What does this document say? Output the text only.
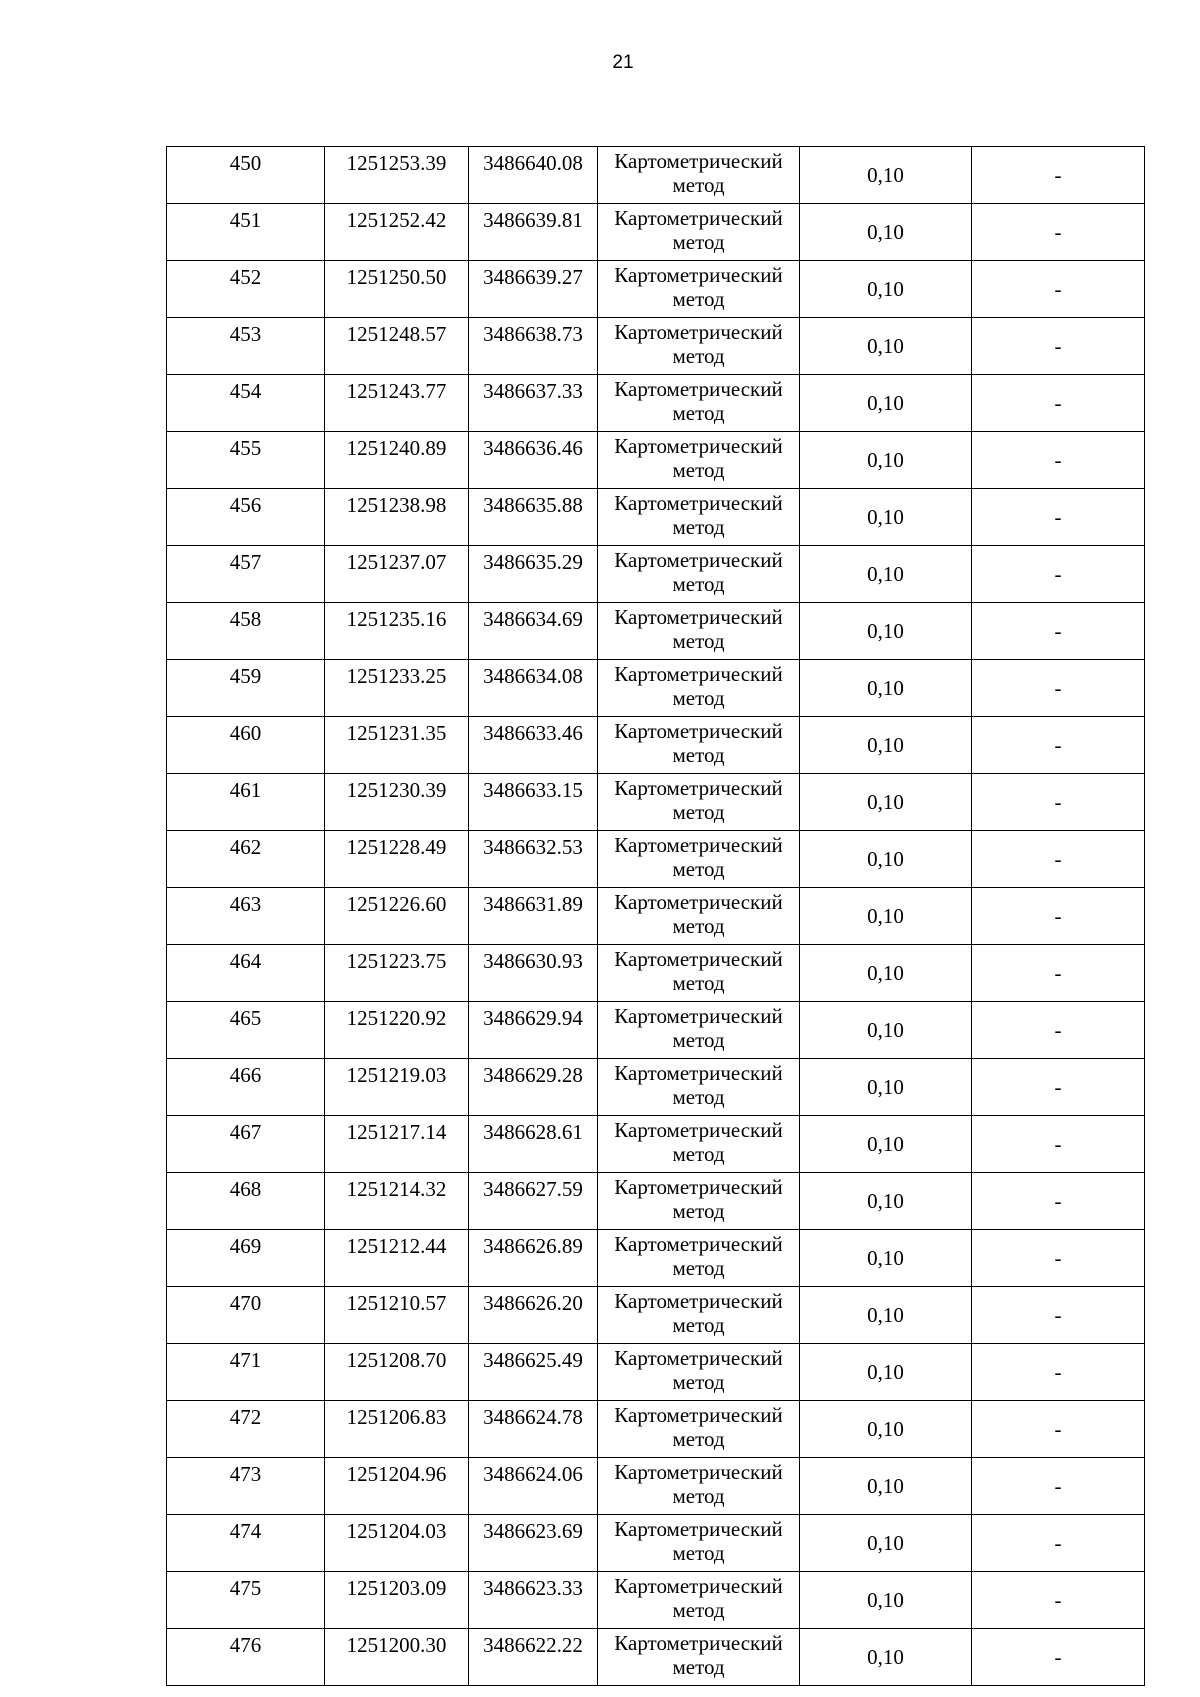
21
450	1251253.39	3486640.08	Картометрический
метод	0,10	-
451	1251252.42	3486639.81	Картометрический
метод	0,10	-
452	1251250.50	3486639.27	Картометрический
метод	0,10	-
453	1251248.57	3486638.73	Картометрический
метод	0,10	-
454	1251243.77	3486637.33	Картометрический
метод	0,10	-
455	1251240.89	3486636.46	Картометрический
метод	0,10	-
456	1251238.98	3486635.88	Картометрический
метод	0,10	-
457	1251237.07	3486635.29	Картометрический
метод	0,10	-
458	1251235.16	3486634.69	Картометрический
метод	0,10	-
459	1251233.25	3486634.08	Картометрический
метод	0,10	-
460	1251231.35	3486633.46	Картометрический
метод	0,10	-
461	1251230.39	3486633.15	Картометрический
метод	0,10	-
462	1251228.49	3486632.53	Картометрический
метод	0,10	-
463	1251226.60	3486631.89	Картометрический
метод	0,10	-
464	1251223.75	3486630.93	Картометрический
метод	0,10	-
465	1251220.92	3486629.94	Картометрический
метод	0,10	-
466	1251219.03	3486629.28	Картометрический
метод	0,10	-
467	1251217.14	3486628.61	Картометрический
метод	0,10	-
468	1251214.32	3486627.59	Картометрический
метод	0,10	-
469	1251212.44	3486626.89	Картометрический
метод	0,10	-
470	1251210.57	3486626.20	Картометрический
метод	0,10	-
471	1251208.70	3486625.49	Картометрический
метод	0,10	-
472	1251206.83	3486624.78	Картометрический
метод	0,10	-
473	1251204.96	3486624.06	Картометрический
метод	0,10	-
474	1251204.03	3486623.69	Картометрический
метод	0,10	-
475	1251203.09	3486623.33	Картометрический
метод	0,10	-
476	1251200.30	3486622.22	Картометрический
метод	0,10	-
